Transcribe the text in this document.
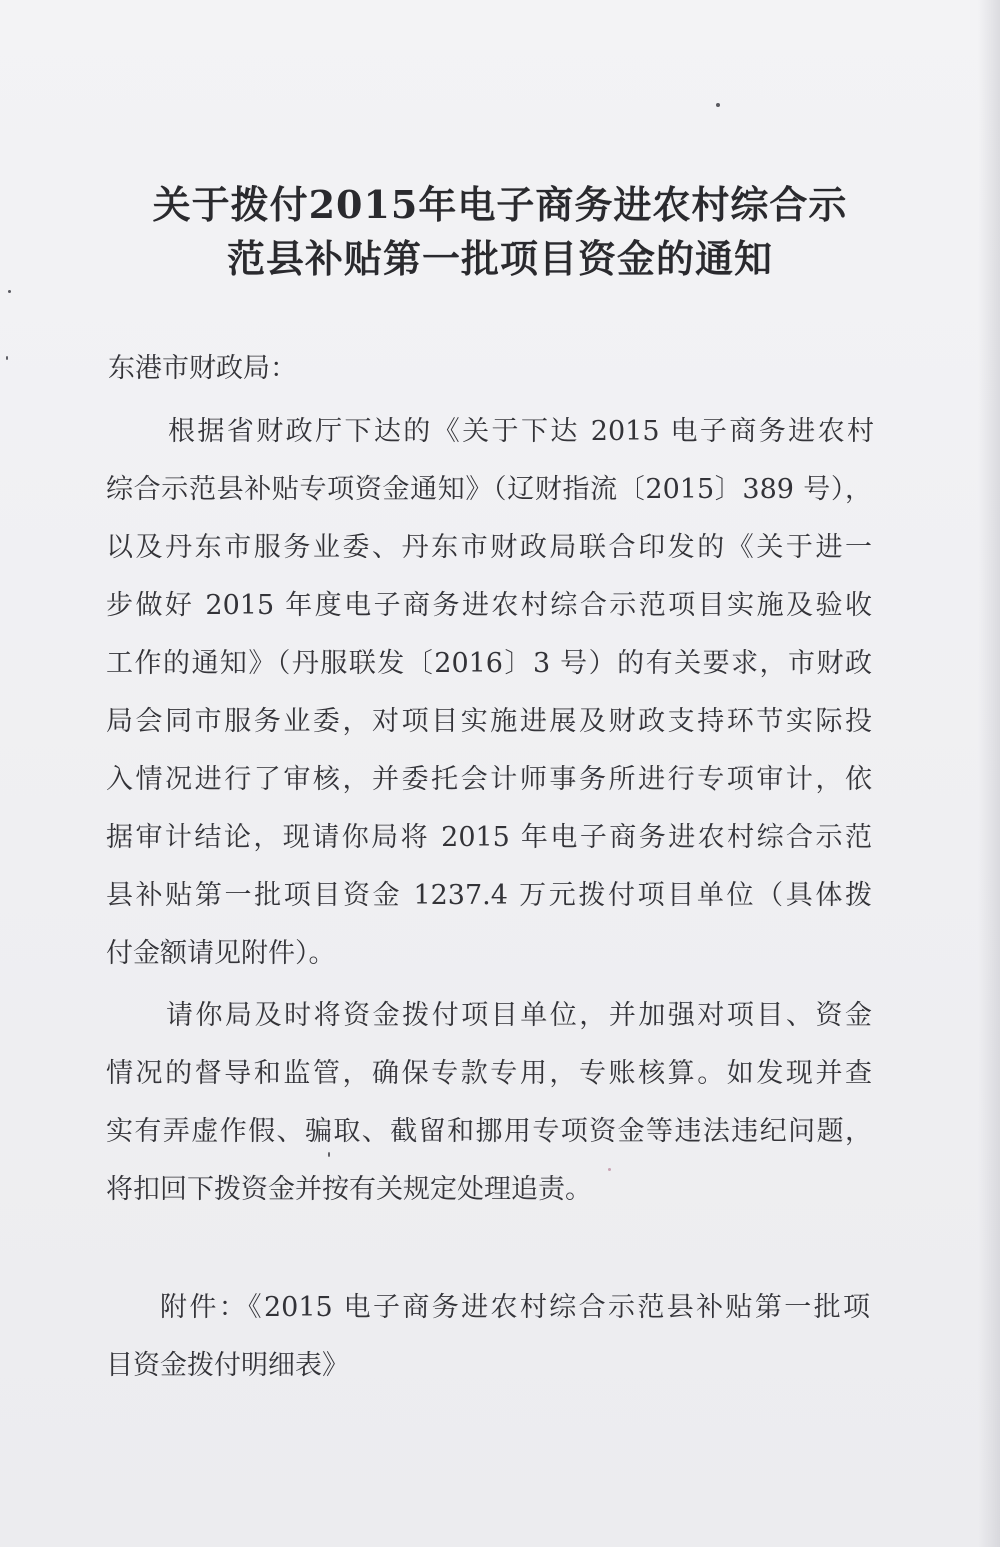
关于拨付2015年电子商务进农村综合示
范县补贴第一批项目资金的通知

东港市财政局：

根据省财政厅下达的《关于下达 2015 电子商务进农村

综合示范县补贴专项资金通知》（辽财指流〔2015〕389 号），

以及丹东市服务业委、丹东市财政局联合印发的《关于进一

步做好 2015 年度电子商务进农村综合示范项目实施及验收

工作的通知》（丹服联发〔2016〕3 号）的有关要求，市财政

局会同市服务业委，对项目实施进展及财政支持环节实际投

入情况进行了审核，并委托会计师事务所进行专项审计，依

据审计结论，现请你局将 2015 年电子商务进农村综合示范

县补贴第一批项目资金 1237.4 万元拨付项目单位（具体拨

付金额请见附件）。

请你局及时将资金拨付项目单位，并加强对项目、资金

情况的督导和监管，确保专款专用，专账核算。如发现并查

实有弄虚作假、骗取、截留和挪用专项资金等违法违纪问题，

将扣回下拨资金并按有关规定处理追责。

附件：《2015 电子商务进农村综合示范县补贴第一批项

目资金拨付明细表》
